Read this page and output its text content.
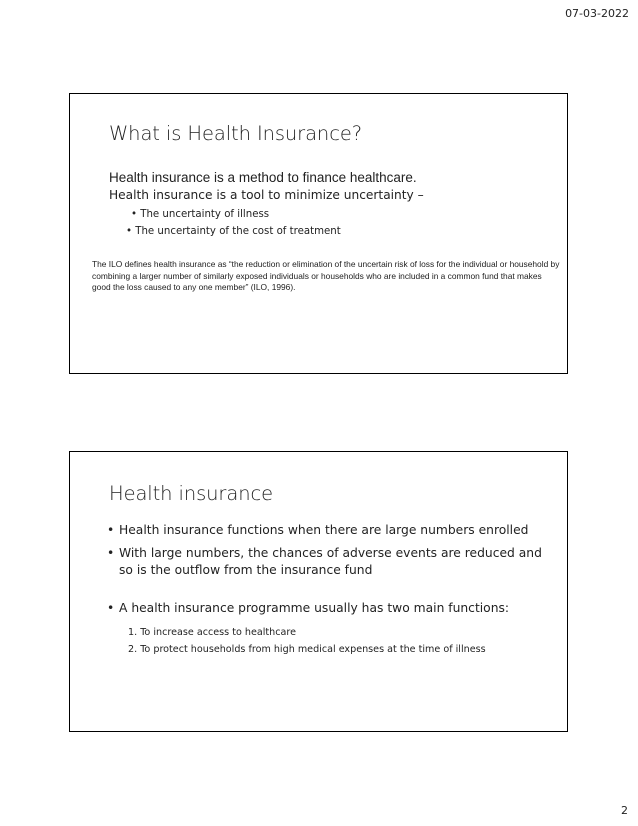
07-03-2022
What is Health Insurance?
Health insurance is a method to finance healthcare.
Health insurance is a tool to minimize uncertainty –
• The uncertainty of illness
• The uncertainty of the cost of treatment
The ILO defines health insurance as “the reduction or elimination of the uncertain risk of loss for the individual or household by combining a larger number of similarly exposed individuals or households who are included in a common fund that makes good the loss caused to any one member” (ILO, 1996).
Health insurance
• Health insurance functions when there are large numbers enrolled
• With large numbers, the chances of adverse events are reduced and so is the outflow from the insurance fund
• A health insurance programme usually has two main functions:
1. To increase access to healthcare
2. To protect households from high medical expenses at the time of illness
2
